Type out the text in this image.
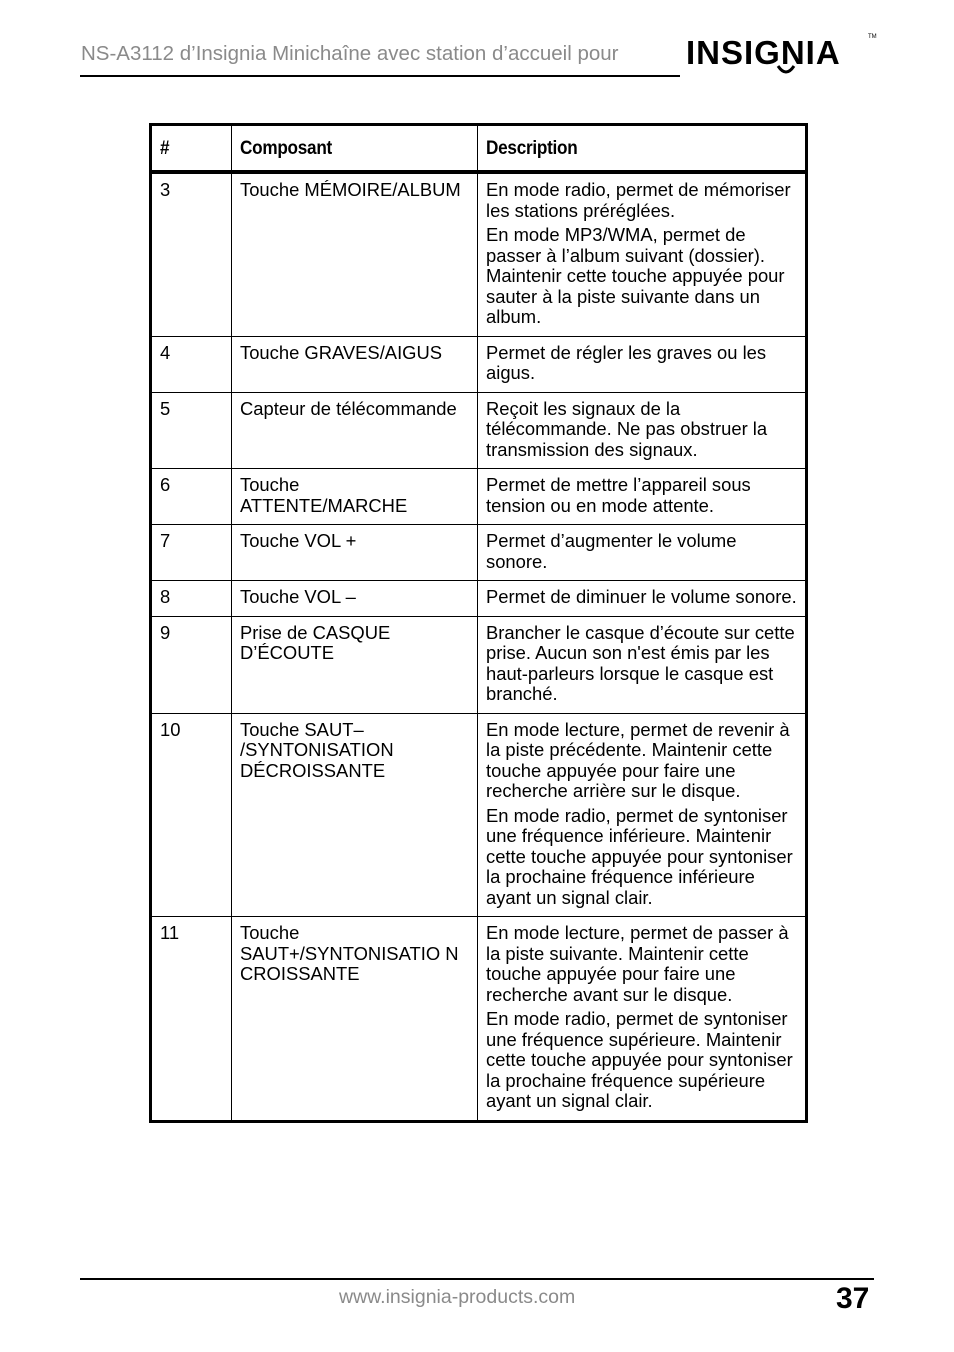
NS-A3112 d’Insignia Minichaîne avec station d’accueil pour INSIGNIA	TM
#	Composant	Description
3	Touche MÉMOIRE/ALBUM	En mode radio, permet de mémoriser les stations préréglées.
En mode MP3/WMA, permet de passer à l’album suivant (dossier). Maintenir cette touche appuyée pour sauter à la piste suivante dans un album.

4	Touche GRAVES/AIGUS	Permet de régler les graves ou les aigus.

5	Capteur de télécommande	Reçoit les signaux de la télécommande. Ne pas obstruer la transmission des signaux.

6	Touche ATTENTE/MARCHE	Permet de mettre l’appareil sous tension ou en mode attente.

7	Touche VOL +	Permet d’augmenter le volume sonore.

8	Touche VOL –	Permet de diminuer le volume sonore.

9	Prise de CASQUE D’ÉCOUTE	Brancher le casque d’écoute sur cette prise. Aucun son n'est émis par les haut-parleurs lorsque le casque est branché.

10	Touche SAUT– /SYNTONISATION DÉCROISSANTE	En mode lecture, permet de revenir à la piste précédente. Maintenir cette touche appuyée pour faire une recherche arrière sur le disque.
En mode radio, permet de syntoniser une fréquence inférieure. Maintenir cette touche appuyée pour syntoniser la prochaine fréquence inférieure ayant un signal clair.

11	Touche SAUT+/SYNTONISATIO N CROISSANTE	En mode lecture, permet de passer à la piste suivante. Maintenir cette touche appuyée pour faire une recherche avant sur le disque.
En mode radio, permet de syntoniser une fréquence supérieure. Maintenir cette touche appuyée pour syntoniser la prochaine fréquence supérieure ayant un signal clair.
www.insignia-products.com	37
